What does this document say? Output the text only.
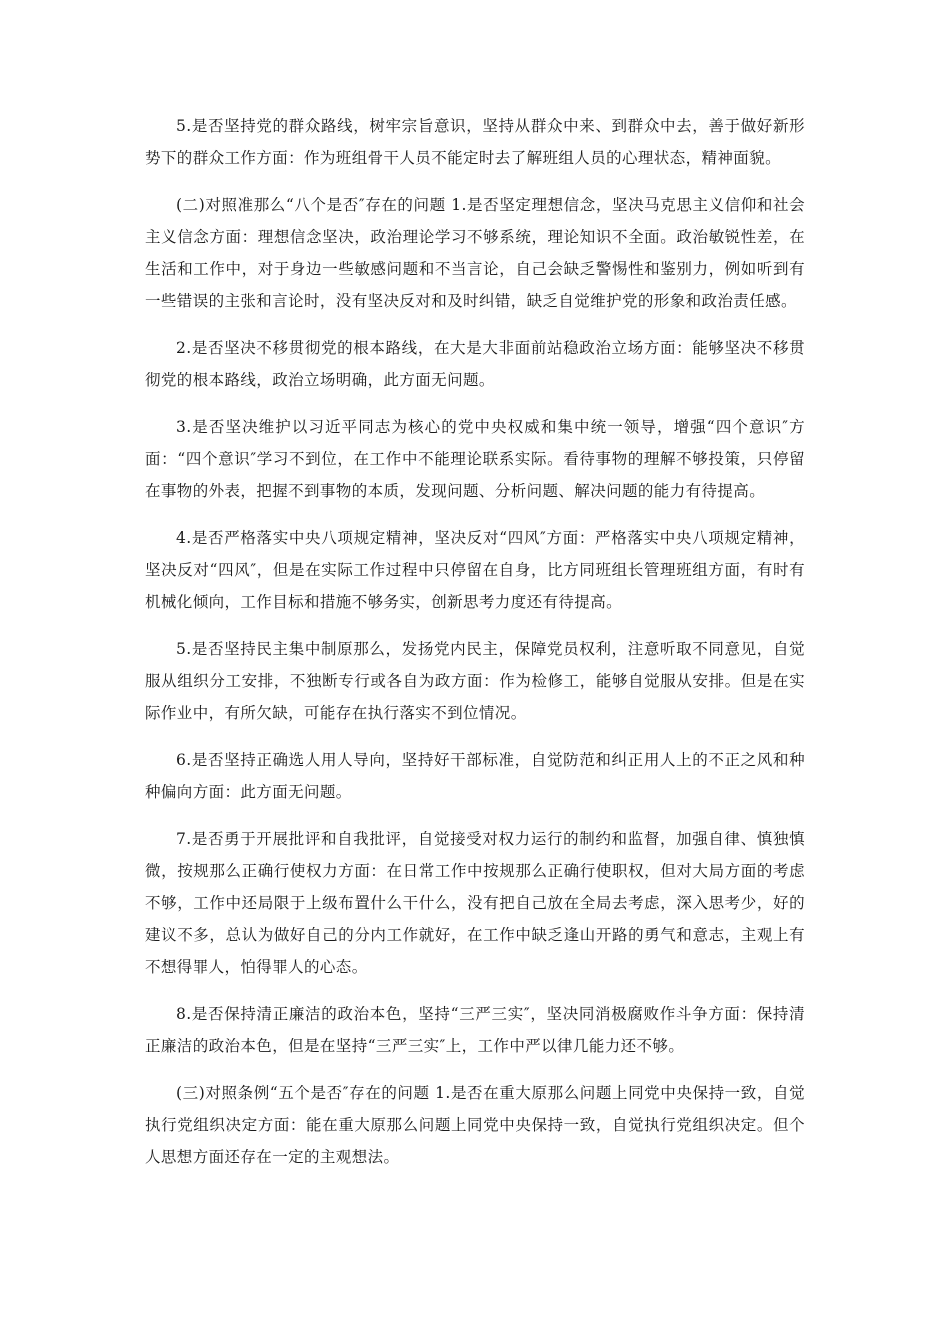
5.是否坚持党的群众路线，树牢宗旨意识，坚持从群众中来、到群众中去，善于做好新形势下的群众工作方面：作为班组骨干人员不能定时去了解班组人员的心理状态，精神面貌。

(二)对照准那么“八个是否″存在的问题 1.是否坚定理想信念，坚决马克思主义信仰和社会主义信念方面：理想信念坚决，政治理论学习不够系统，理论知识不全面。政治敏锐性差，在生活和工作中，对于身边一些敏感问题和不当言论，自己会缺乏警惕性和鉴别力，例如听到有一些错误的主张和言论时，没有坚决反对和及时纠错，缺乏自觉维护党的形象和政治责任感。

2.是否坚决不移贯彻党的根本路线，在大是大非面前站稳政治立场方面：能够坚决不移贯彻党的根本路线，政治立场明确，此方面无问题。

3.是否坚决维护以习近平同志为核心的党中央权威和集中统一领导，增强“四个意识″方面：“四个意识″学习不到位，在工作中不能理论联系实际。看待事物的理解不够投策，只停留在事物的外表，把握不到事物的本质，发现问题、分析问题、解决问题的能力有待提高。

4.是否严格落实中央八项规定精神，坚决反对“四风″方面：严格落实中央八项规定精神，坚决反对“四风″，但是在实际工作过程中只停留在自身，比方同班组长管理班组方面，有时有机械化倾向，工作目标和措施不够务实，创新思考力度还有待提高。

5.是否坚持民主集中制原那么，发扬党内民主，保障党员权利，注意听取不同意见，自觉服从组织分工安排，不独断专行或各自为政方面：作为检修工，能够自觉服从安排。但是在实际作业中，有所欠缺，可能存在执行落实不到位情况。

6.是否坚持正确选人用人导向，坚持好干部标准，自觉防范和纠正用人上的不正之风和种种偏向方面：此方面无问题。

7.是否勇于开展批评和自我批评，自觉接受对权力运行的制约和监督，加强自律、慎独慎微，按规那么正确行使权力方面：在日常工作中按规那么正确行使职权，但对大局方面的考虑不够，工作中还局限于上级布置什么干什么，没有把自己放在全局去考虑，深入思考少，好的建议不多，总认为做好自己的分内工作就好，在工作中缺乏逢山开路的勇气和意志，主观上有不想得罪人，怕得罪人的心态。

8.是否保持清正廉洁的政治本色，坚持“三严三实″，坚决同消极腐败作斗争方面：保持清正廉洁的政治本色，但是在坚持“三严三实″上，工作中严以律几能力还不够。

(三)对照条例“五个是否″存在的问题 1.是否在重大原那么问题上同党中央保持一致，自觉执行党组织决定方面：能在重大原那么问题上同党中央保持一致，自觉执行党组织决定。但个人思想方面还存在一定的主观想法。
